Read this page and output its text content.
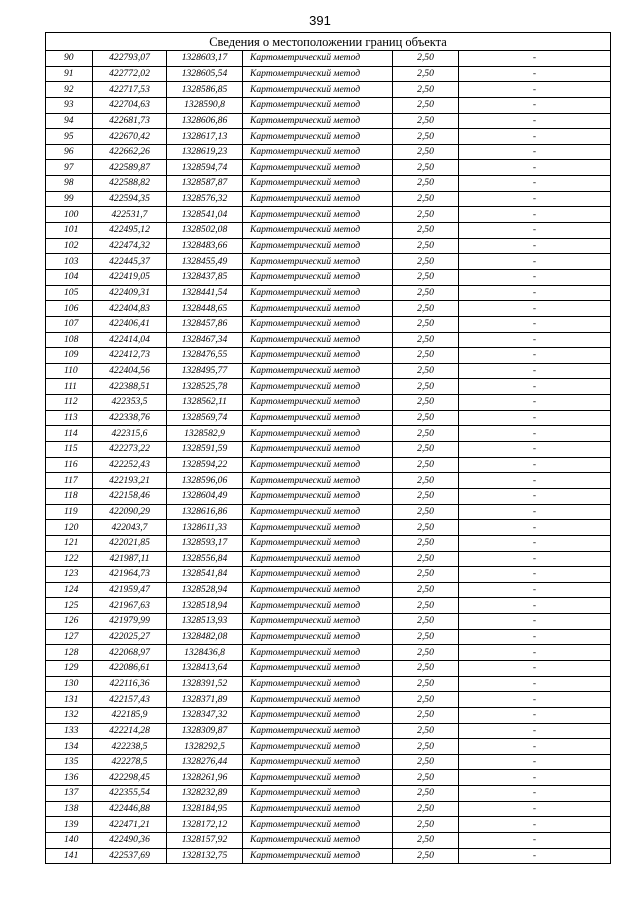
391
Сведения о местоположении границ объекта					
90	422793,07	1328603,17	Картометрический метод	2,50	-
91	422772,02	1328605,54	Картометрический метод	2,50	-
92	422717,53	1328586,85	Картометрический метод	2,50	-
93	422704,63	1328590,8	Картометрический метод	2,50	-
94	422681,73	1328606,86	Картометрический метод	2,50	-
95	422670,42	1328617,13	Картометрический метод	2,50	-
96	422662,26	1328619,23	Картометрический метод	2,50	-
97	422589,87	1328594,74	Картометрический метод	2,50	-
98	422588,82	1328587,87	Картометрический метод	2,50	-
99	422594,35	1328576,32	Картометрический метод	2,50	-
100	422531,7	1328541,04	Картометрический метод	2,50	-
101	422495,12	1328502,08	Картометрический метод	2,50	-
102	422474,32	1328483,66	Картометрический метод	2,50	-
103	422445,37	1328455,49	Картометрический метод	2,50	-
104	422419,05	1328437,85	Картометрический метод	2,50	-
105	422409,31	1328441,54	Картометрический метод	2,50	-
106	422404,83	1328448,65	Картометрический метод	2,50	-
107	422406,41	1328457,86	Картометрический метод	2,50	-
108	422414,04	1328467,34	Картометрический метод	2,50	-
109	422412,73	1328476,55	Картометрический метод	2,50	-
110	422404,56	1328495,77	Картометрический метод	2,50	-
111	422388,51	1328525,78	Картометрический метод	2,50	-
112	422353,5	1328562,11	Картометрический метод	2,50	-
113	422338,76	1328569,74	Картометрический метод	2,50	-
114	422315,6	1328582,9	Картометрический метод	2,50	-
115	422273,22	1328591,59	Картометрический метод	2,50	-
116	422252,43	1328594,22	Картометрический метод	2,50	-
117	422193,21	1328596,06	Картометрический метод	2,50	-
118	422158,46	1328604,49	Картометрический метод	2,50	-
119	422090,29	1328616,86	Картометрический метод	2,50	-
120	422043,7	1328611,33	Картометрический метод	2,50	-
121	422021,85	1328593,17	Картометрический метод	2,50	-
122	421987,11	1328556,84	Картометрический метод	2,50	-
123	421964,73	1328541,84	Картометрический метод	2,50	-
124	421959,47	1328528,94	Картометрический метод	2,50	-
125	421967,63	1328518,94	Картометрический метод	2,50	-
126	421979,99	1328513,93	Картометрический метод	2,50	-
127	422025,27	1328482,08	Картометрический метод	2,50	-
128	422068,97	1328436,8	Картометрический метод	2,50	-
129	422086,61	1328413,64	Картометрический метод	2,50	-
130	422116,36	1328391,52	Картометрический метод	2,50	-
131	422157,43	1328371,89	Картометрический метод	2,50	-
132	422185,9	1328347,32	Картометрический метод	2,50	-
133	422214,28	1328309,87	Картометрический метод	2,50	-
134	422238,5	1328292,5	Картометрический метод	2,50	-
135	422278,5	1328276,44	Картометрический метод	2,50	-
136	422298,45	1328261,96	Картометрический метод	2,50	-
137	422355,54	1328232,89	Картометрический метод	2,50	-
138	422446,88	1328184,95	Картометрический метод	2,50	-
139	422471,21	1328172,12	Картометрический метод	2,50	-
140	422490,36	1328157,92	Картометрический метод	2,50	-
141	422537,69	1328132,75	Картометрический метод	2,50	-
